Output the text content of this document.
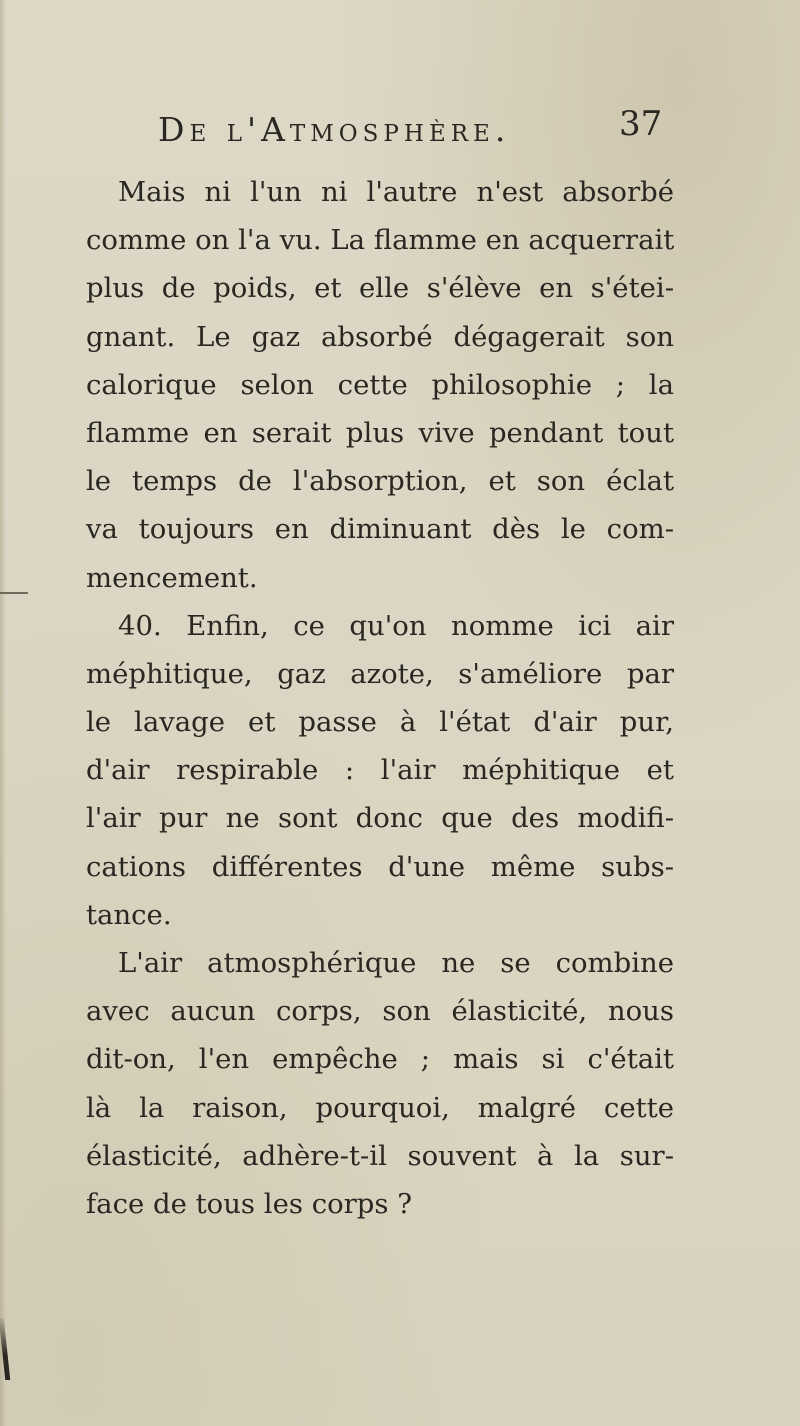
De l'Atmosphère.	37
Mais ni l'un ni l'autre n'est absorbé
comme on l'a vu. La flamme en acquerrait
plus de poids, et elle s'élève en s'étei-
gnant. Le gaz absorbé dégagerait son
calorique selon cette philosophie ; la
flamme en serait plus vive pendant tout
le temps de l'absorption, et son éclat
va toujours en diminuant dès le com-
mencement.
40. Enfin, ce qu'on nomme ici air
méphitique, gaz azote, s'améliore par
le lavage et passe à l'état d'air pur,
d'air respirable : l'air méphitique et
l'air pur ne sont donc que des modifi-
cations différentes d'une même subs-
tance.
L'air atmosphérique ne se combine
avec aucun corps, son élasticité, nous
dit-on, l'en empêche ; mais si c'était
là la raison, pourquoi, malgré cette
élasticité, adhère-t-il souvent à la sur-
face de tous les corps ?
